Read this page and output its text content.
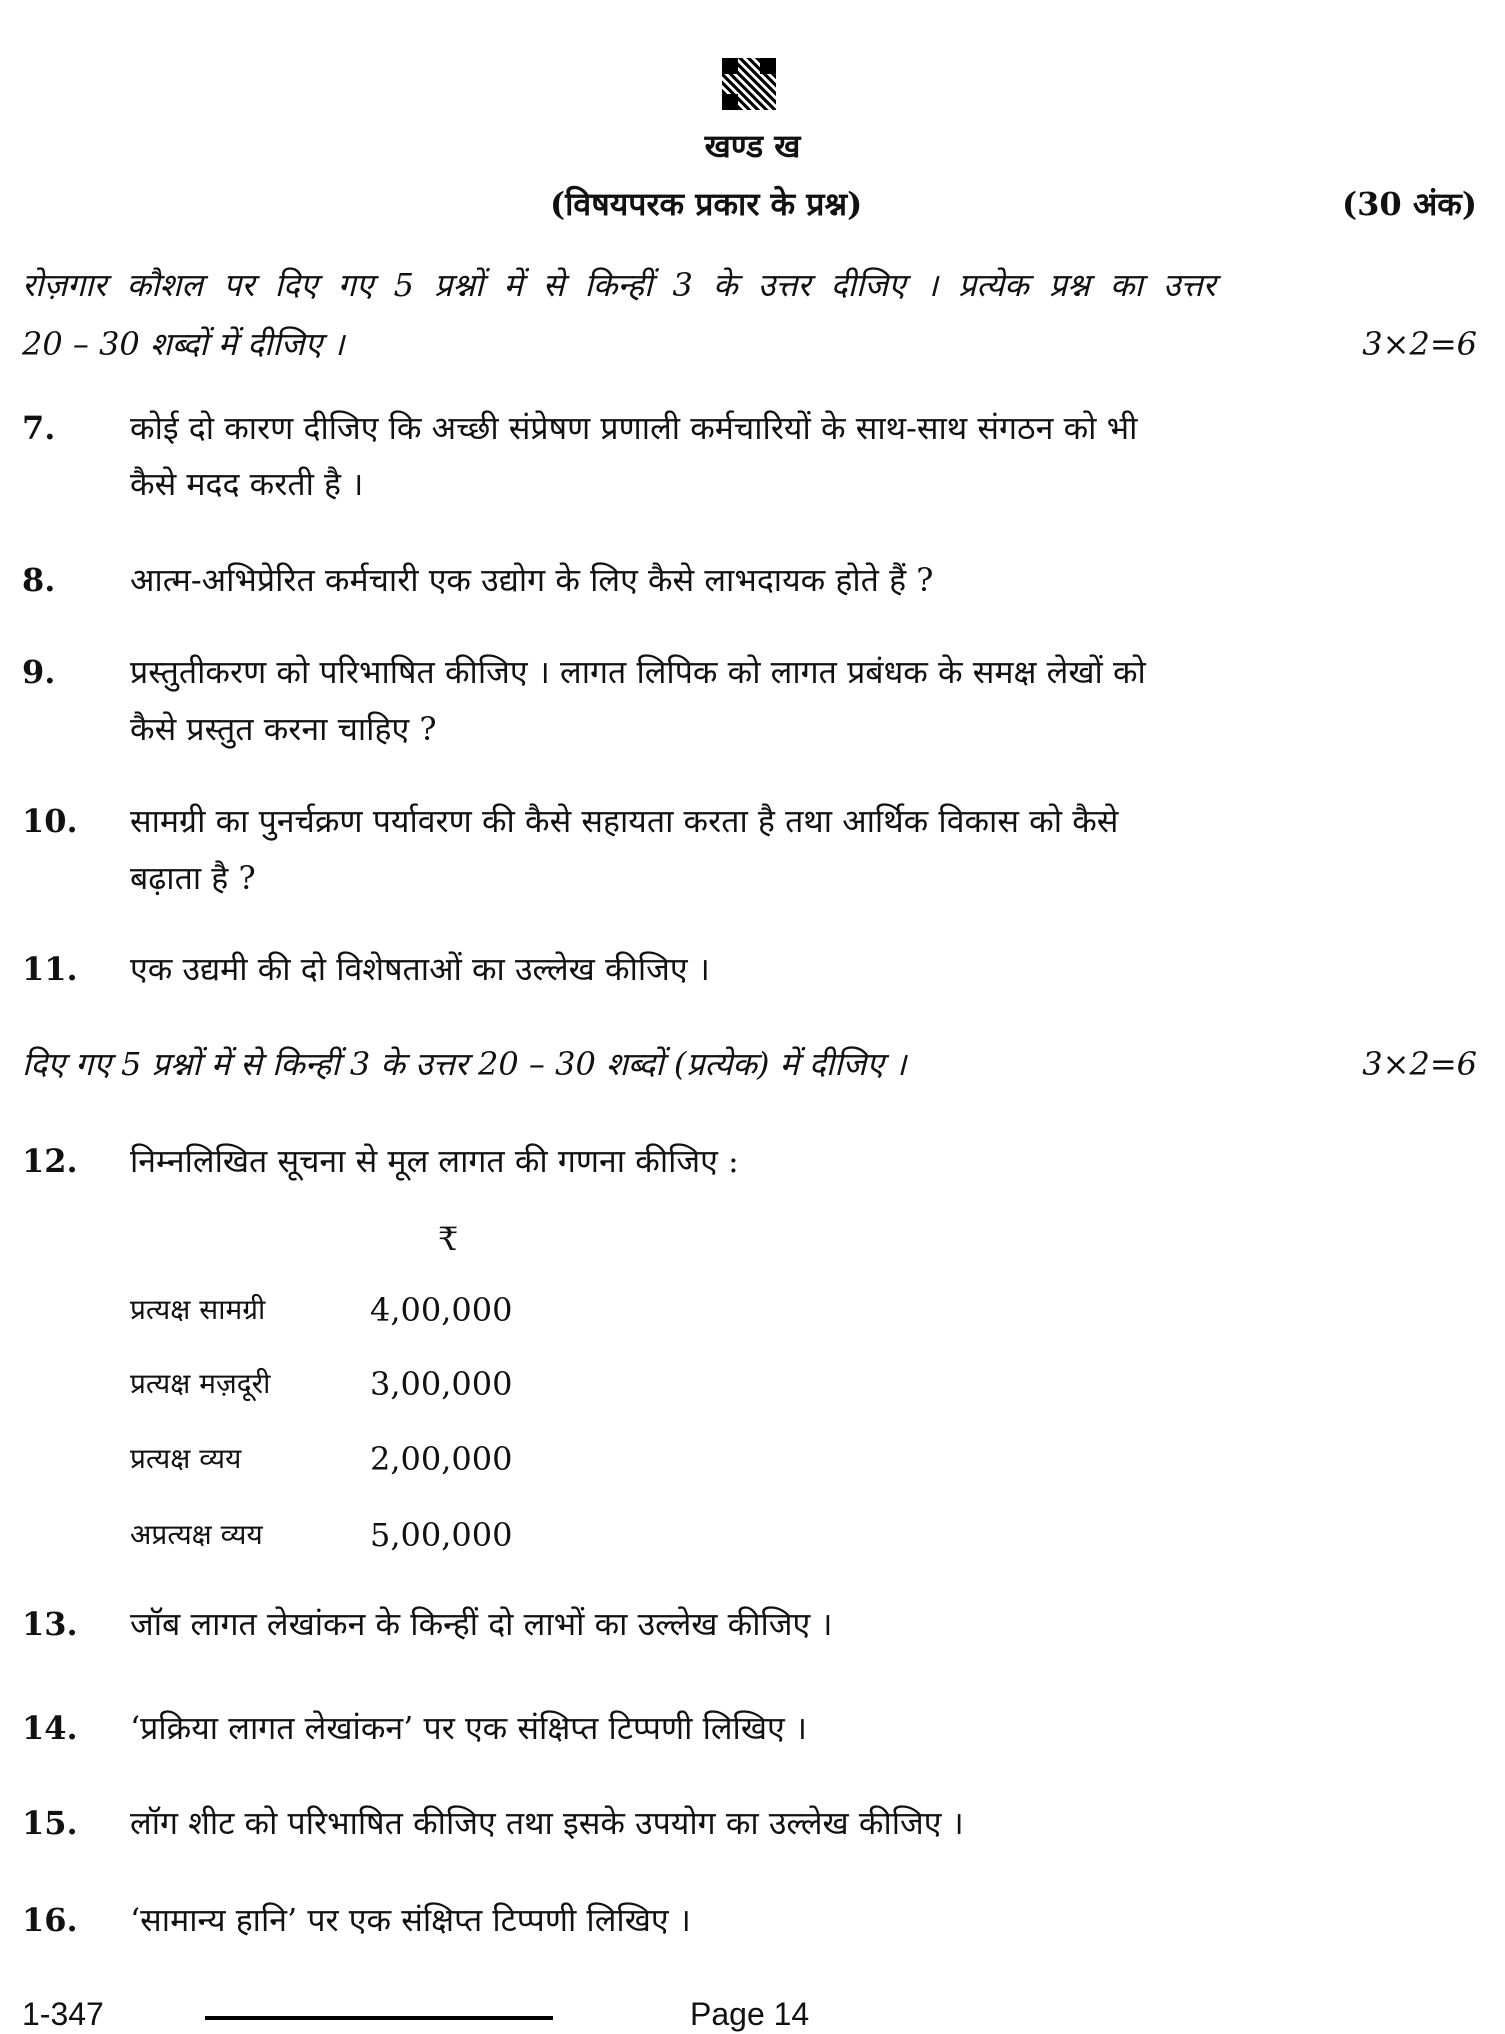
खण्ड ख
(विषयपरक प्रकार के प्रश्न)	(30 अंक)
रोज़गार कौशल पर दिए गए 5 प्रश्नों में से किन्हीं 3 के उत्तर दीजिए । प्रत्येक प्रश्न का उत्तर
20 – 30 शब्दों में दीजिए ।	3×2=6
7. कोई दो कारण दीजिए कि अच्छी संप्रेषण प्रणाली कर्मचारियों के साथ-साथ संगठन को भी
कैसे मदद करती है ।
8. आत्म-अभिप्रेरित कर्मचारी एक उद्योग के लिए कैसे लाभदायक होते हैं ?
9. प्रस्तुतीकरण को परिभाषित कीजिए । लागत लिपिक को लागत प्रबंधक के समक्ष लेखों को
कैसे प्रस्तुत करना चाहिए ?
10. सामग्री का पुनर्चक्रण पर्यावरण की कैसे सहायता करता है तथा आर्थिक विकास को कैसे
बढ़ाता है ?
11. एक उद्यमी की दो विशेषताओं का उल्लेख कीजिए ।
दिए गए 5 प्रश्नों में से किन्हीं 3 के उत्तर 20 – 30 शब्दों (प्रत्येक) में दीजिए ।	3×2=6
12. निम्नलिखित सूचना से मूल लागत की गणना कीजिए :
₹
प्रत्यक्ष सामग्री	4,00,000
प्रत्यक्ष मज़दूरी	3,00,000
प्रत्यक्ष व्यय	2,00,000
अप्रत्यक्ष व्यय	5,00,000
13. जॉब लागत लेखांकन के किन्हीं दो लाभों का उल्लेख कीजिए ।
14. ‘प्रक्रिया लागत लेखांकन’ पर एक संक्षिप्त टिप्पणी लिखिए ।
15. लॉग शीट को परिभाषित कीजिए तथा इसके उपयोग का उल्लेख कीजिए ।
16. ‘सामान्य हानि’ पर एक संक्षिप्त टिप्पणी लिखिए ।
1-347	Page 14
